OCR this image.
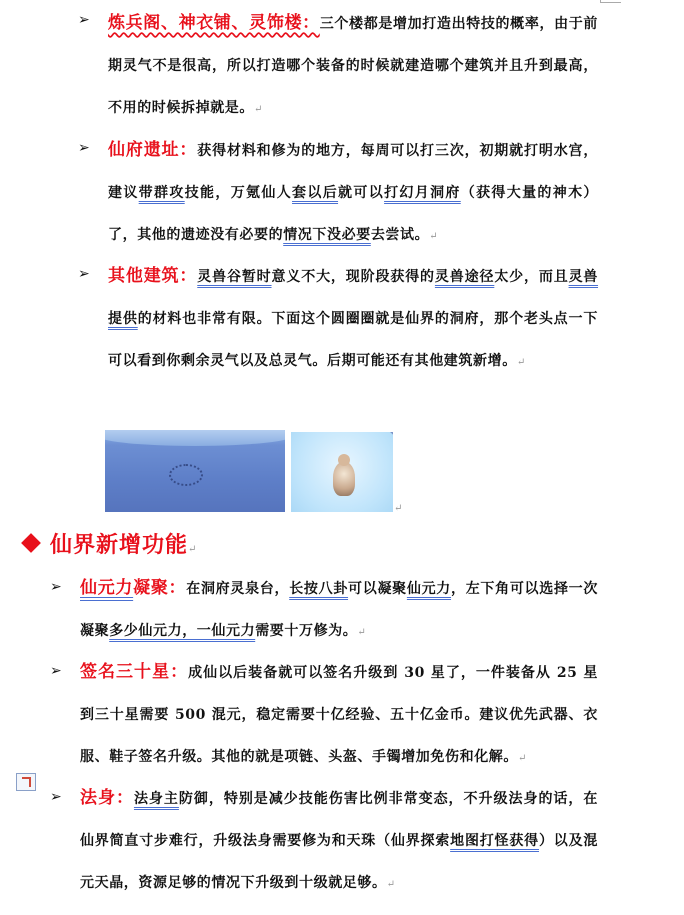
➢ 炼兵阁、神衣铺、灵饰楼：三个楼都是增加打造出特技的概率，由于前期灵气不是很高，所以打造哪个装备的时候就建造哪个建筑并且升到最高，不用的时候拆掉就是。↵
➢ 仙府遗址：获得材料和修为的地方，每周可以打三次，初期就打明水宫，建议带群攻技能，万氪仙人套以后就可以打幻月洞府（获得大量的神木）了，其他的遗迹没有必要的情况下没必要去尝试。↵
➢ 其他建筑：灵兽谷暂时意义不大，现阶段获得的灵兽途径太少，而且灵兽提供的材料也非常有限。下面这个圆圈圈就是仙界的洞府，那个老头点一下可以看到你剩余灵气以及总灵气。后期可能还有其他建筑新增。↵
↵
仙界新增功能↵
➢ 仙元力凝聚：在洞府灵泉台，长按八卦可以凝聚仙元力，左下角可以选择一次凝聚多少仙元力，一仙元力需要十万修为。↵
➢ 签名三十星：成仙以后装备就可以签名升级到 30 星了，一件装备从 25 星到三十星需要 500 混元，稳定需要十亿经验、五十亿金币。建议优先武器、衣服、鞋子签名升级。其他的就是项链、头盔、手镯增加免伤和化解。↵
➢ 法身：法身主防御，特别是减少技能伤害比例非常变态，不升级法身的话，在仙界简直寸步难行，升级法身需要修为和天珠（仙界探索地图打怪获得）以及混元天晶，资源足够的情况下升级到十级就足够。↵
